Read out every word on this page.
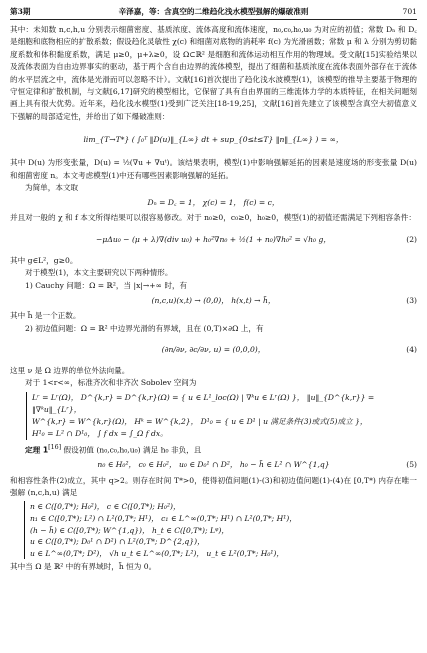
第3期	辛泽嘉，等：含真空的二维趋化浅水模型强解的爆破准则	701

其中：未知数 n,c,h,u 分别表示细菌密度、基质浓度、流体高度和流体速度，n₀,c₀,h₀,u₀ 为对应的初值；常数 Dₙ 和 D꜀ 是细胞和底物相应的扩散系数；假设趋化灵敏性 χ(c) 和细菌对底物的消耗率 f(c) 为光滑函数；常数 μ 和 λ 分别为剪切黏度系数和体积黏度系数，满足 μ≥0，μ+λ≥0，设 Ω⊂ℝ² 是细胞和流体运动相互作用的物理域。受文献[15]实验结果以及流体表面为自由边界事实的驱动，基于两个含自由边界的流体模型，提出了细菌和基质浓度在流体表面外部存在于流体的水平层流之中，流体是光滑而可以忽略不计）。文献[16]首次提出了趋化浅水波模型(1)，该模型的推导主要基于物理的守恒定律和扩散机制，与文献[6,17]研究的模型相比，它保留了具有自由界面的三维流体力学的本质特征，在相关问题刻画上具有很大优势。近年来，趋化浅水模型(1)受到广泛关注[18-19,25]，文献[16]首先建立了该模型含真空大初值意义下强解的局部适定性，并给出了如下爆破准则：

lim_{T→T*} ( ∫₀ᵀ ‖D(u)‖_{L∞} dt + sup_{0≤t≤T} ‖n‖_{L∞} ) = ∞，

其中 D(u) 为形变张量，D(u) = ½(∇u + ∇uᵗ)。该结果表明，模型(1)中影响强解延拓的因素是速度场的形变张量 D(u) 和细菌密度 n。本文考虑模型(1)中还有哪些因素影响强解的延拓。

为简单，本文取

Dₙ = D꜀ = 1， χ(c) = 1， f(c) = c，

并且对一般的 χ 和 f 本文所得结果可以很容易修改。对于 n₀≥0，c₀≥0，h₀≥0，模型(1)的初值还需满足下列相容条件：

−μΔu₀ − (μ + λ)∇(div u₀) + h₀²∇n₀ + ½(1 + n₀)∇h₀² = √h₀ g，	(2)

其中 g∈L²，g≥0。

对于模型(1)，本文主要研究以下两种情形。

1) Cauchy 问题：Ω = ℝ²，当 |x|→+∞ 时，有

(n,c,u)(x,t) → (0,0)， h(x,t) → h̃，	(3)

其中 h̃ 是一个正数。

2) 初边值问题：Ω = ℝ² 中边界光滑的有界域，且在 (0,T)×∂Ω 上，有

(∂n/∂ν, ∂c/∂ν, u) = (0,0,0)，	(4)

这里 ν 是 Ω 边界的单位外法向量。

对于 1<r<∞，标准齐次和非齐次 Sobolev 空间为

Lʳ = Lʳ(Ω)， D^{k,r} = D^{k,r}(Ω) = { u ∈ L¹_loc(Ω) | ∇ᵏu ∈ Lʳ(Ω) }， ‖u‖_{D^{k,r}} = ‖∇ᵏu‖_{Lʳ}，
W^{k,r} = W^{k,r}(Ω)， Hᵏ = W^{k,2}， D¹₀ = { u ∈ D¹ | u 满足条件(3)或式(5)成立 }，
H¹₀ = L² ∩ D¹₀， ∫ f dx = ∫_Ω f dx。

定理 1[16] 假设初值 (n₀,c₀,h₀,u₀) 满足 h₀ 非负，且

n₀ ∈ H₀²， c₀ ∈ H₀²， u₀ ∈ D₀¹ ∩ D²， h₀ − h̃ ∈ L² ∩ W^{1,q}	(5)

和相容性条件(2)成立，其中 q>2。则存在时间 T*>0，使得初值问题(1)-(3)和初边值问题(1)-(4)在 [0,T*) 内存在唯一强解 (n,c,h,u) 满足

n ∈ C([0,T*); H₀²)， c ∈ C([0,T*); H₀²)，
n₁ ∈ C([0,T*); L²) ∩ L²(0,T*; H¹)， c₁ ∈ L^∞(0,T*; H¹) ∩ L²(0,T*; H¹)，
(h − h̃) ∈ C([0,T*); W^{1,q})， h_t ∈ C([0,T*); Lᵠ)，
u ∈ C([0,T*); D₀¹ ∩ D²) ∩ L²(0,T*; D^{2,q})，
u ∈ L^∞(0,T*; D²)， √h u_t ∈ L^∞(0,T*; L²)， u_t ∈ L²(0,T*; H₀¹)，

其中当 Ω 是 ℝ² 中的有界域时，h̃ 恒为 0。
